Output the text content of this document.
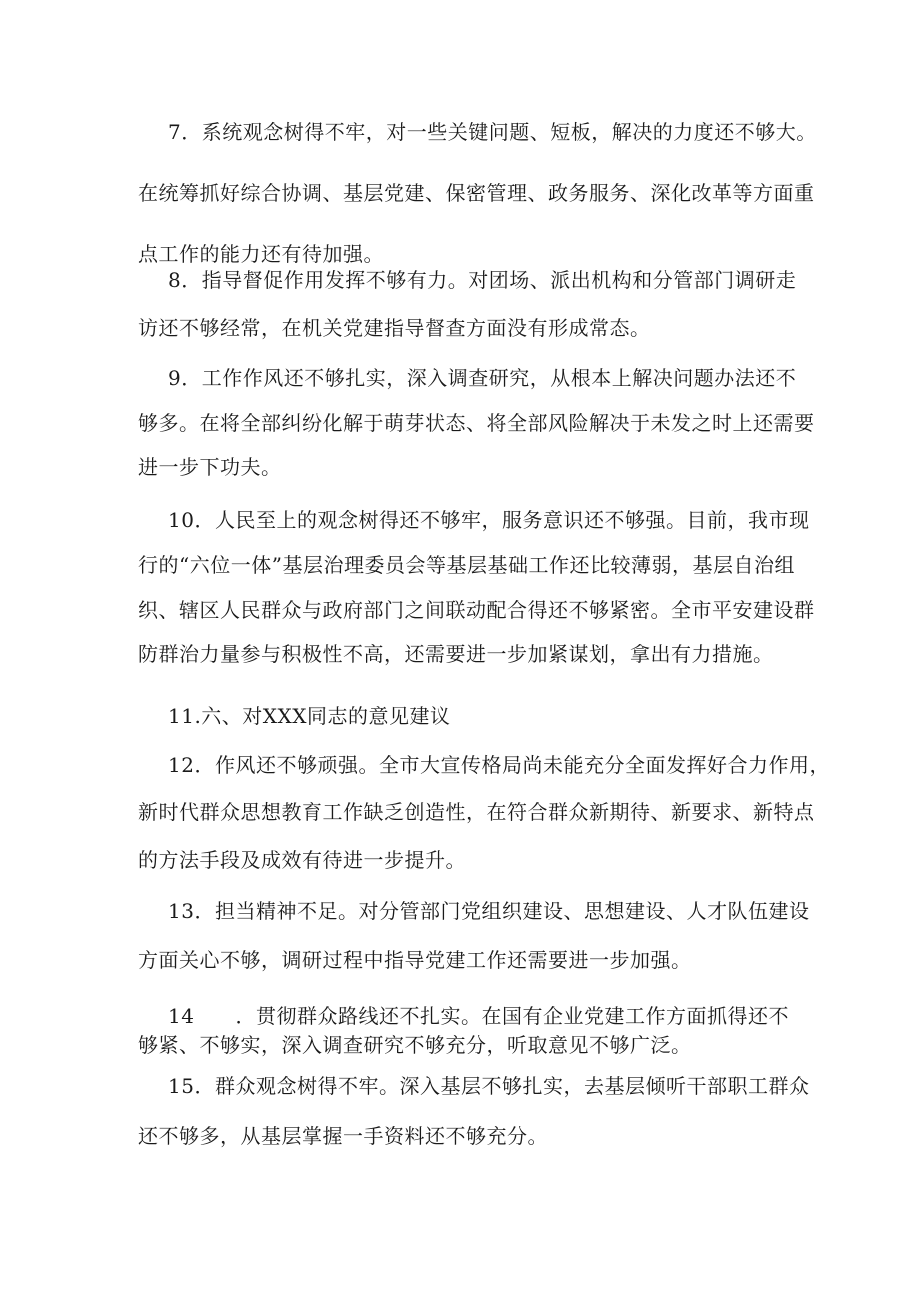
7．系统观念树得不牢，对一些关键问题、短板，解决的力度还不够大。
在统筹抓好综合协调、基层党建、保密管理、政务服务、深化改革等方面重
点工作的能力还有待加强。

8．指导督促作用发挥不够有力。对团场、派出机构和分管部门调研走
访还不够经常，在机关党建指导督查方面没有形成常态。

9．工作作风还不够扎实，深入调查研究，从根本上解决问题办法还不
够多。在将全部纠纷化解于萌芽状态、将全部风险解决于未发之时上还需要
进一步下功夫。

10．人民至上的观念树得还不够牢，服务意识还不够强。目前，我市现
行的“六位一体”基层治理委员会等基层基础工作还比较薄弱，基层自治组
织、辖区人民群众与政府部门之间联动配合得还不够紧密。全市平安建设群
防群治力量参与积极性不高，还需要进一步加紧谋划，拿出有力措施。

11.六、对XXX同志的意见建议

12．作风还不够顽强。全市大宣传格局尚未能充分全面发挥好合力作用，
新时代群众思想教育工作缺乏创造性，在符合群众新期待、新要求、新特点
的方法手段及成效有待进一步提升。

13．担当精神不足。对分管部门党组织建设、思想建设、人才队伍建设
方面关心不够，调研过程中指导党建工作还需要进一步加强。

14　　．贯彻群众路线还不扎实。在国有企业党建工作方面抓得还不
够紧、不够实，深入调查研究不够充分，听取意见不够广泛。

15．群众观念树得不牢。深入基层不够扎实，去基层倾听干部职工群众
还不够多，从基层掌握一手资料还不够充分。
